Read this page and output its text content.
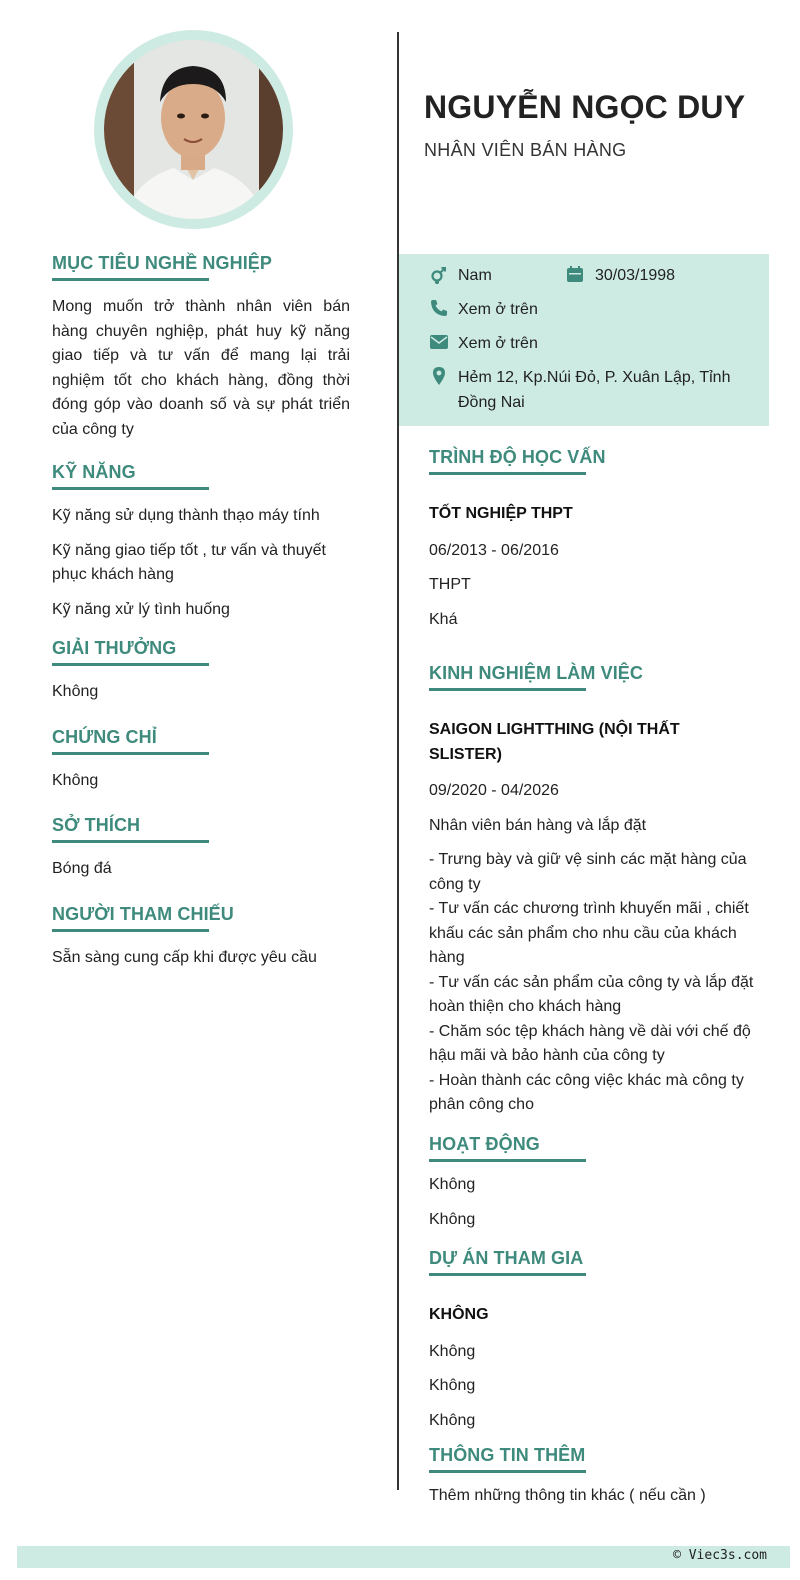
MỤC TIÊU NGHỀ NGHIỆP
Mong muốn trở thành nhân viên bán hàng chuyên nghiệp, phát huy kỹ năng giao tiếp và tư vấn để mang lại trải nghiệm tốt cho khách hàng, đồng thời đóng góp vào doanh số và sự phát triển của công ty
KỸ NĂNG
Kỹ năng sử dụng thành thạo máy tính
Kỹ năng giao tiếp tốt , tư vấn và thuyết phục khách hàng
Kỹ năng xử lý tình huống
GIẢI THƯỞNG
Không
CHỨNG CHỈ
Không
SỞ THÍCH
Bóng đá
NGƯỜI THAM CHIẾU
Sẵn sàng cung cấp khi được yêu cầu
NGUYỄN NGỌC DUY
NHÂN VIÊN BÁN HÀNG
Nam	30/03/1998
Xem ở trên
Xem ở trên
Hẻm 12, Kp.Núi Đỏ, P. Xuân Lập, Tỉnh Đồng Nai
TRÌNH ĐỘ HỌC VẤN
TỐT NGHIỆP THPT
06/2013 - 06/2016
THPT
Khá
KINH NGHIỆM LÀM VIỆC
SAIGON LIGHTTHING (NỘI THẤT SLISTER)
09/2020 - 04/2026
Nhân viên bán hàng và lắp đặt
- Trưng bày và giữ vệ sinh các mặt hàng của công ty
- Tư vấn các chương trình khuyến mãi , chiết khấu các sản phẩm cho nhu cầu của khách hàng
- Tư vấn các sản phẩm của công ty và lắp đặt hoàn thiện cho khách hàng
- Chăm sóc tệp khách hàng về dài với chế độ hậu mãi và bảo hành của công ty
- Hoàn thành các công việc khác mà công ty phân công cho
HOẠT ĐỘNG
Không
Không
DỰ ÁN THAM GIA
KHÔNG
Không
Không
Không
THÔNG TIN THÊM
Thêm những thông tin khác ( nếu cần )
© Viec3s.com
